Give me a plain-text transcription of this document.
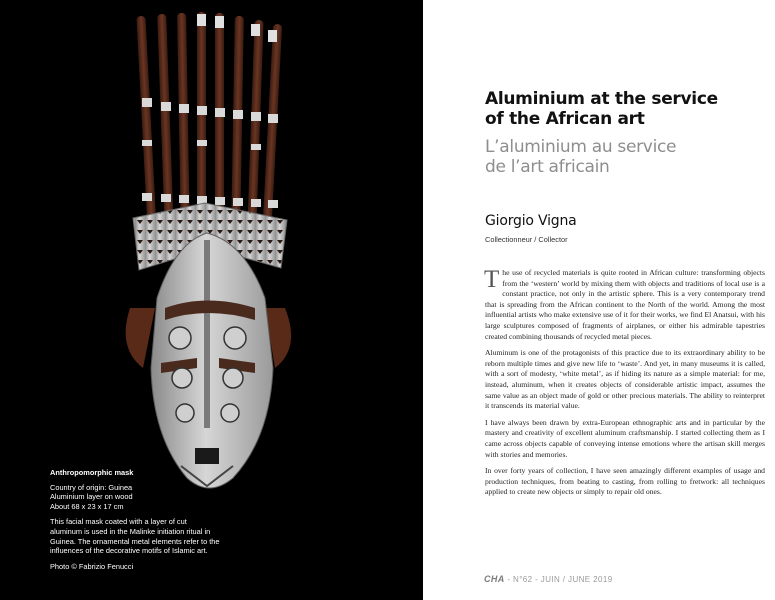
Anthropomorphic mask
Country of origin: Guinea
Aluminium layer on wood
About 68 x 23 x 17 cm
This facial mask coated with a layer of cut aluminum is used in the Malinke initiation ritual in Guinea. The ornamental metal elements refer to the influences of the decorative motifs of Islamic art.
Photo © Fabrizio Fenucci
Aluminium at the service
of the African art
L’aluminium au service
de l’art africain
Giorgio Vigna
Collectionneur / Collector

The use of recycled materials is quite rooted in African culture: transforming objects from the ‘western’ world by mixing them with objects and traditions of local use is a constant practice, not only in the artistic sphere. This is a very contemporary trend that is spreading from the African continent to the North of the world. Among the most influential artists who make extensive use of it for their works, we find El Anatsui, with his large sculptures composed of fragments of airplanes, or either his admirable tapestries created combining thousands of recycled metal pieces.

Aluminum is one of the protagonists of this practice due to its extraordinary ability to be reborn multiple times and give new life to ‘waste’. And yet, in many museums it is called, with a sort of modesty, ‘white metal’, as if hiding its nature as a simple material: for me, instead, aluminum, when it creates objects of considerable artistic impact, assumes the same value as an object made of gold or other precious materials. The ability to reinterpret it transcends its material value.

I have always been drawn by extra-European ethnographic arts and in particular by the mastery and creativity of excellent aluminum craftsmanship. I started collecting them as I came across objects capable of conveying intense emotions where the artisan skill merges with stories and memories.

In over forty years of collection, I have seen amazingly different examples of usage and production techniques, from beating to casting, from rolling to fretwork: all techniques applied to create new objects or simply to repair old ones.

CHA - N°62 - JUIN / JUNE 2019
